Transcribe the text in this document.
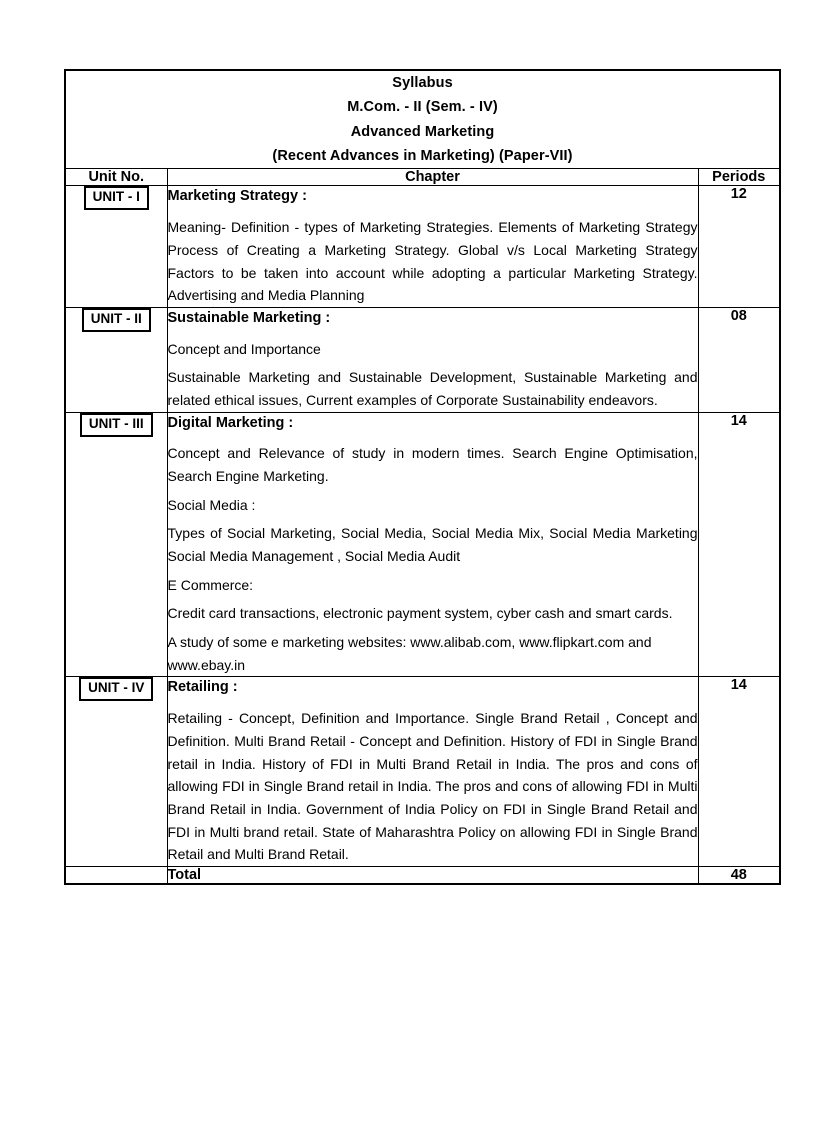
Syllabus
M.Com. - II (Sem. - IV)
Advanced Marketing
(Recent Advances in Marketing) (Paper-VII)		

Unit No.	Chapter	Periods
UNIT - I	Marketing Strategy :

Meaning- Definition - types of Marketing Strategies. Elements of Marketing Strategy Process of Creating a Marketing Strategy. Global v/s Local Marketing Strategy Factors to be taken into account while adopting a particular Marketing Strategy. Advertising and Media Planning	12
UNIT - II	Sustainable Marketing :

Concept and Importance

Sustainable Marketing and Sustainable Development, Sustainable Marketing and related ethical issues, Current examples of Corporate Sustainability endeavors.	08
UNIT - III	Digital Marketing :

Concept and Relevance of study in modern times. Search Engine Optimisation, Search Engine Marketing.

Social Media :

Types of Social Marketing, Social Media, Social Media Mix, Social Media Marketing Social Media Management , Social Media Audit

E Commerce:

Credit card transactions, electronic payment system, cyber cash and smart cards.

A study of some e marketing websites: www.alibab.com, www.flipkart.com and www.ebay.in

	14
UNIT - IV	Retailing :

Retailing - Concept, Definition and Importance. Single Brand Retail , Concept and Definition. Multi Brand Retail - Concept and Definition. History of FDI in Single Brand retail in India. History of FDI in Multi Brand Retail in India. The pros and cons of allowing FDI in Single Brand retail in India. The pros and cons of allowing FDI in Multi Brand Retail in India. Government of India Policy on FDI in Single Brand Retail and FDI in Multi brand retail. State of Maharashtra Policy on allowing FDI in Single Brand Retail and Multi Brand Retail.	14
	Total	48
